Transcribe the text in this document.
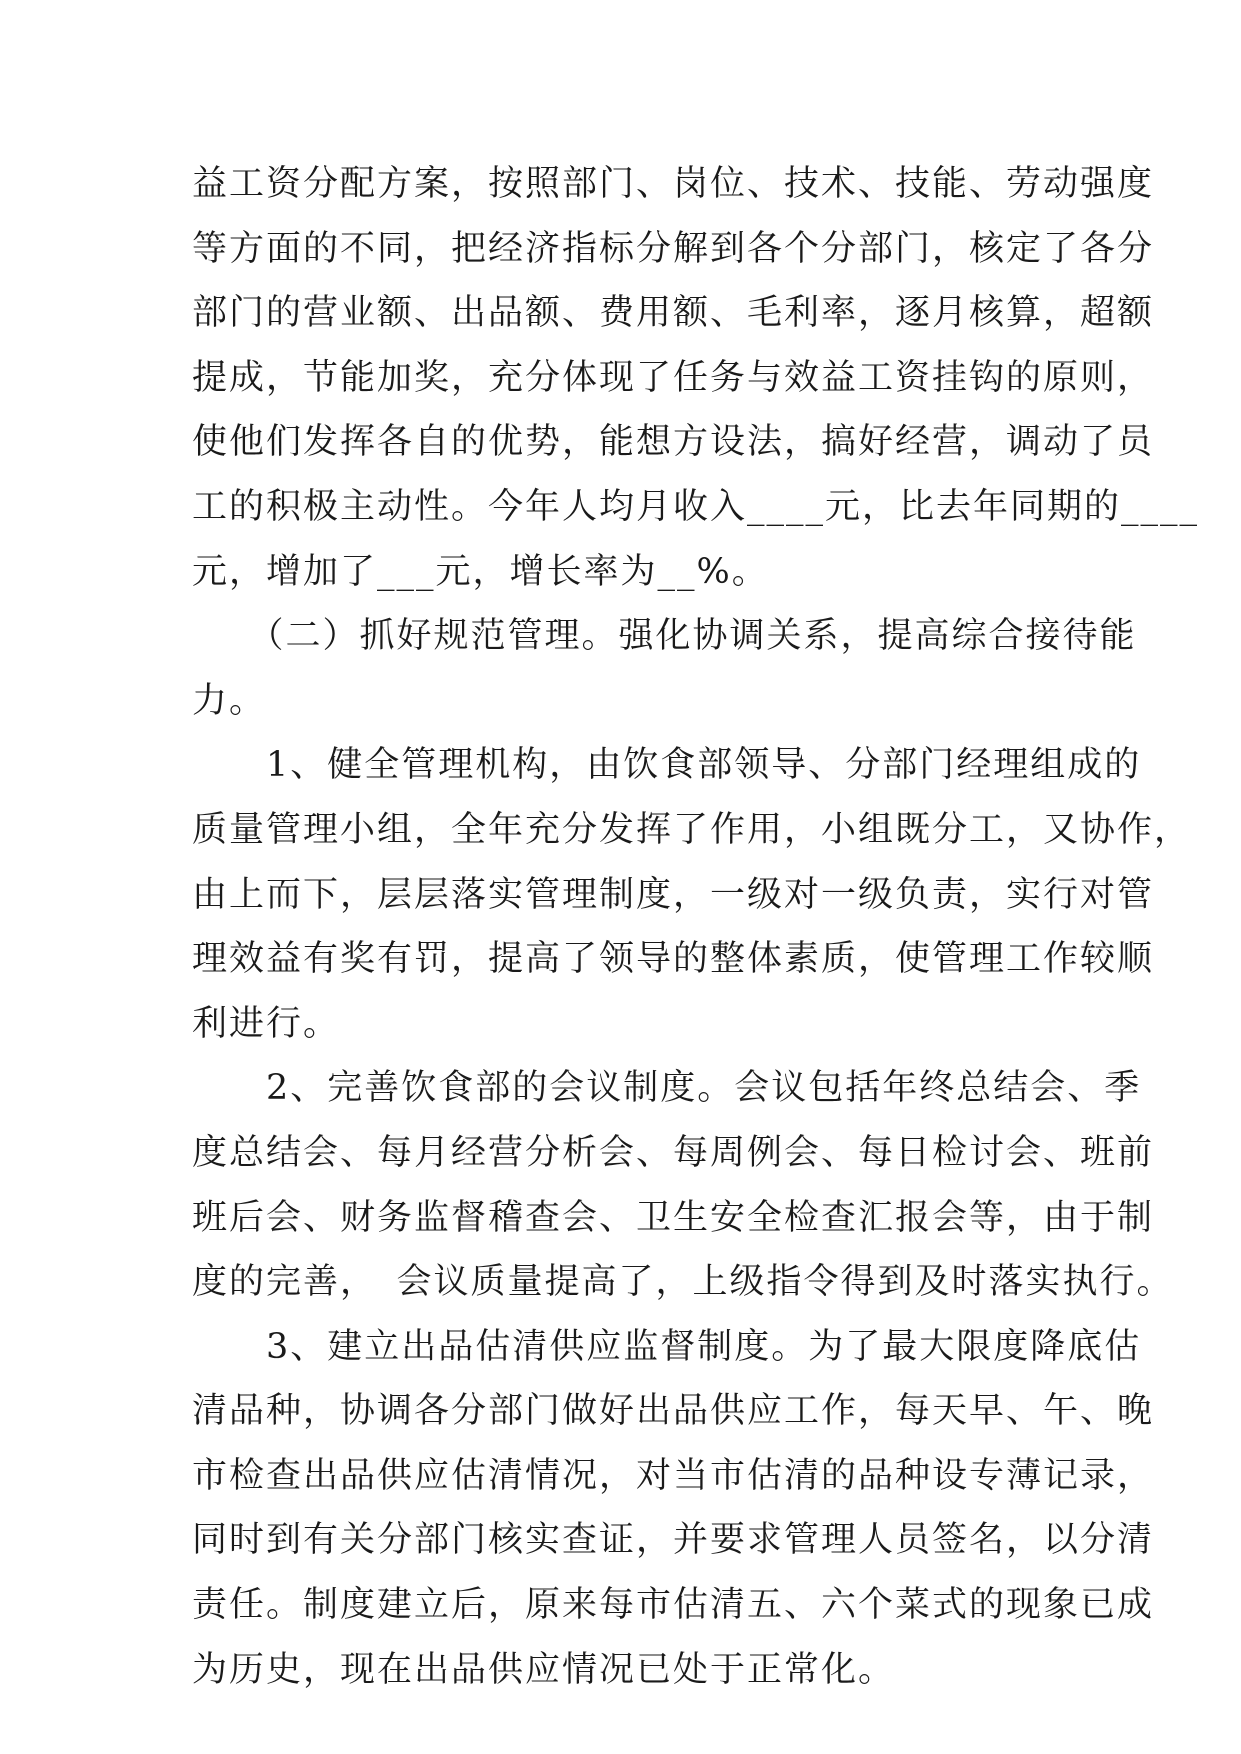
益工资分配方案，按照部门、岗位、技术、技能、劳动强度
等方面的不同，把经济指标分解到各个分部门，核定了各分
部门的营业额、出品额、费用额、毛利率，逐月核算，超额
提成，节能加奖，充分体现了任务与效益工资挂钩的原则，
使他们发挥各自的优势，能想方设法，搞好经营，调动了员
工的积极主动性。今年人均月收入____元，比去年同期的____
元，增加了___元，增长率为__%。
　　（二）抓好规范管理。强化协调关系，提高综合接待能
力。
　　1、健全管理机构，由饮食部领导、分部门经理组成的
质量管理小组，全年充分发挥了作用，小组既分工，又协作，
由上而下，层层落实管理制度，一级对一级负责，实行对管
理效益有奖有罚，提高了领导的整体素质，使管理工作较顺
利进行。
　　2、完善饮食部的会议制度。会议包括年终总结会、季
度总结会、每月经营分析会、每周例会、每日检讨会、班前
班后会、财务监督稽查会、卫生安全检查汇报会等，由于制
度的完善，　会议质量提高了，上级指令得到及时落实执行。
　　3、建立出品估清供应监督制度。为了最大限度降底估
清品种，协调各分部门做好出品供应工作，每天早、午、晚
市检查出品供应估清情况，对当市估清的品种设专薄记录，
同时到有关分部门核实查证，并要求管理人员签名，以分清
责任。制度建立后，原来每市估清五、六个菜式的现象已成
为历史，现在出品供应情况已处于正常化。
